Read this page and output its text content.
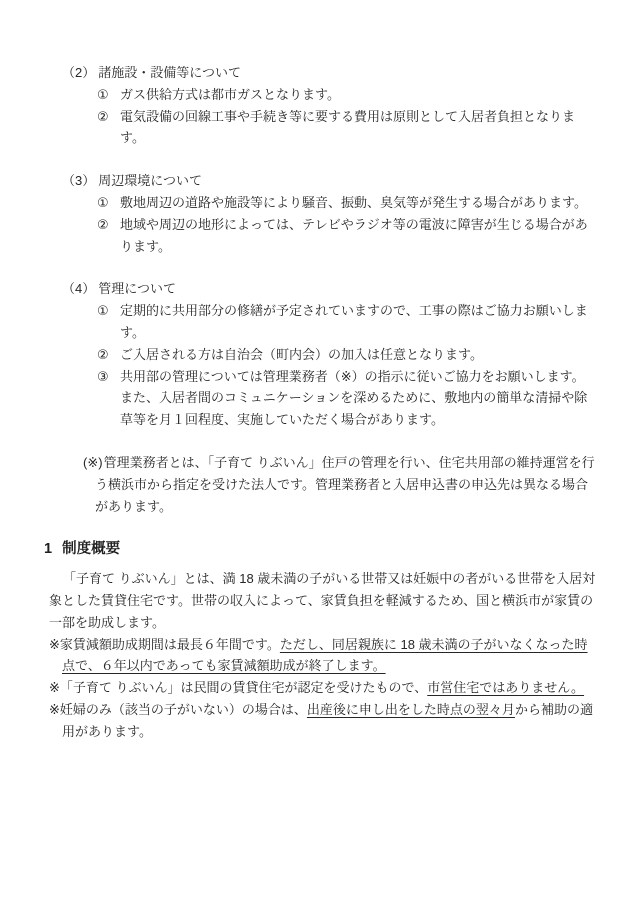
（2） 諸施設・設備等について
① ガス供給方式は都市ガスとなります。
② 電気設備の回線工事や手続き等に要する費用は原則として入居者負担となります。
（3） 周辺環境について
① 敷地周辺の道路や施設等により騒音、振動、臭気等が発生する場合があります。
② 地域や周辺の地形によっては、テレビやラジオ等の電波に障害が生じる場合があります。
（4） 管理について
① 定期的に共用部分の修繕が予定されていますので、工事の際はご協力お願いします。
② ご入居される方は自治会（町内会）の加入は任意となります。
③ 共用部の管理については管理業務者（※）の指示に従いご協力をお願いします。また、入居者間のコミュニケーションを深めるために、敷地内の簡単な清掃や除草等を月１回程度、実施していただく場合があります。

(※)管理業務者とは、「子育て りぶいん」住戸の管理を行い、住宅共用部の維持運営を行う横浜市から指定を受けた法人です。管理業務者と入居申込書の申込先は異なる場合があります。

1 制度概要

「子育て りぶいん」とは、満 18 歳未満の子がいる世帯又は妊娠中の者がいる世帯を入居対象とした賃貸住宅です。世帯の収入によって、家賃負担を軽減するため、国と横浜市が家賃の一部を助成します。

※家賃減額助成期間は最長６年間です。ただし、同居親族に 18 歳未満の子がいなくなった時点で、６年以内であっても家賃減額助成が終了します。

※「子育て りぶいん」は民間の賃貸住宅が認定を受けたもので、市営住宅ではありません。

※妊婦のみ（該当の子がいない）の場合は、出産後に申し出をした時点の翌々月から補助の適用があります。
